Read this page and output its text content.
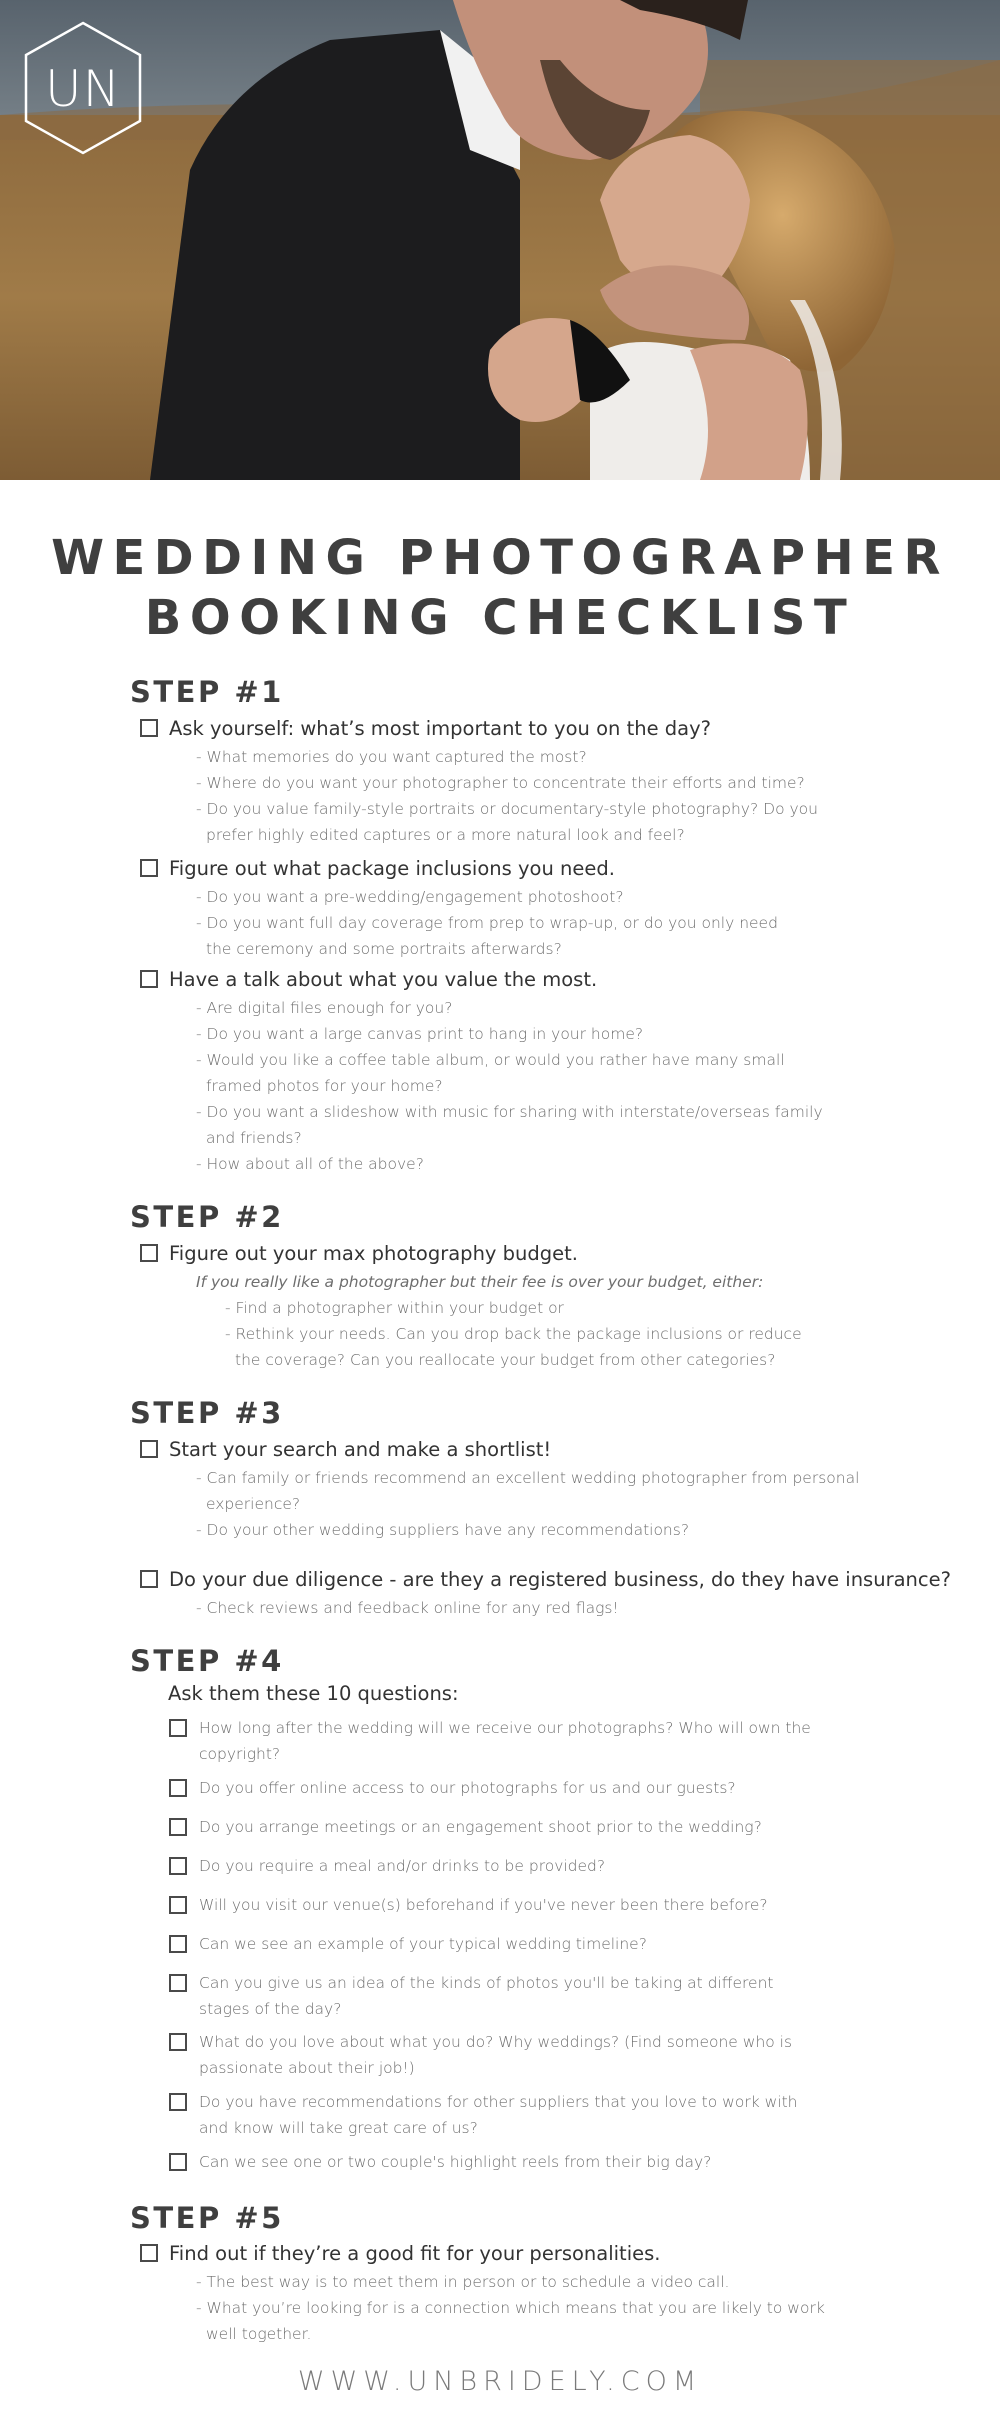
UN
WEDDING PHOTOGRAPHER
BOOKING CHECKLIST
STEP #1
Ask yourself: what’s most important to you on the day?
- What memories do you want captured the most?
- Where do you want your photographer to concentrate their efforts and time?
- Do you value family-style portraits or documentary-style photography? Do you
prefer highly edited captures or a more natural look and feel?
Figure out what package inclusions you need.
- Do you want a pre-wedding/engagement photoshoot?
- Do you want full day coverage from prep to wrap-up, or do you only need
the ceremony and some portraits afterwards?
Have a talk about what you value the most.
- Are digital files enough for you?
- Do you want a large canvas print to hang in your home?
- Would you like a coffee table album, or would you rather have many small
framed photos for your home?
- Do you want a slideshow with music for sharing with interstate/overseas family
and friends?
- How about all of the above?
STEP #2
Figure out your max photography budget.
If you really like a photographer but their fee is over your budget, either:
- Find a photographer within your budget or
- Rethink your needs. Can you drop back the package inclusions or reduce
the coverage? Can you reallocate your budget from other categories?
STEP #3
Start your search and make a shortlist!
- Can family or friends recommend an excellent wedding photographer from personal
experience?
- Do your other wedding suppliers have any recommendations?
Do your due diligence - are they a registered business, do they have insurance?
- Check reviews and feedback online for any red flags!
STEP #4
Ask them these 10 questions:
How long after the wedding will we receive our photographs? Who will own the copyright?
Do you offer online access to our photographs for us and our guests?
Do you arrange meetings or an engagement shoot prior to the wedding?
Do you require a meal and/or drinks to be provided?
Will you visit our venue(s) beforehand if you've never been there before?
Can we see an example of your typical wedding timeline?
Can you give us an idea of the kinds of photos you'll be taking at different stages of the day?
What do you love about what you do? Why weddings? (Find someone who is passionate about their job!)
Do you have recommendations for other suppliers that you love to work with and know will take great care of us?
Can we see one or two couple's highlight reels from their big day?
STEP #5
Find out if they’re a good fit for your personalities.
- The best way is to meet them in person or to schedule a video call.
- What you’re looking for is a connection which means that you are likely to work
well together.
WWW.UNBRIDELY.COM
